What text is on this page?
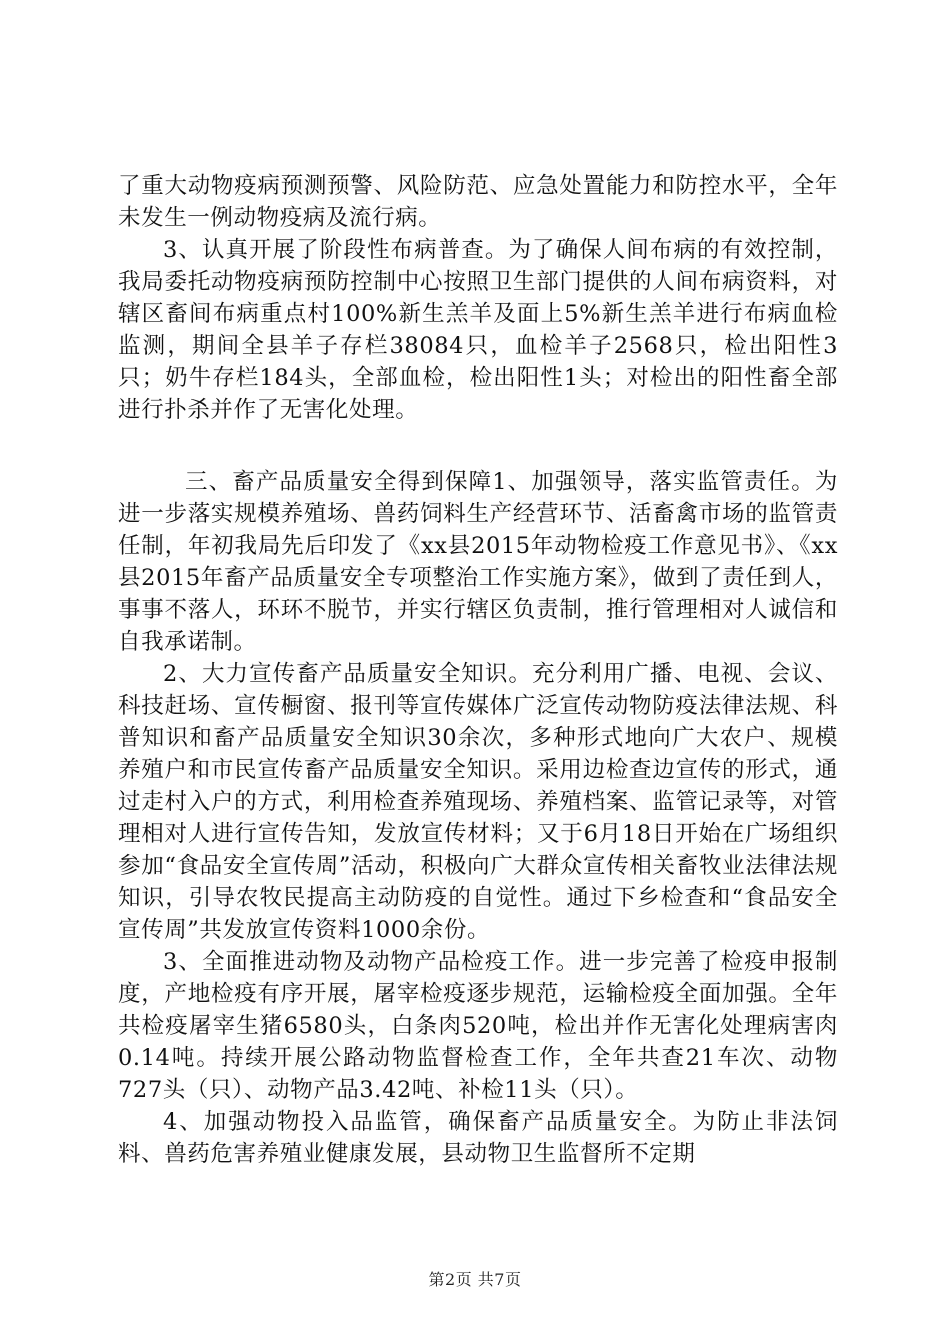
了重大动物疫病预测预警、风险防范、应急处置能力和防控水平，全年未发生一例动物疫病及流行病。

3、认真开展了阶段性布病普查。为了确保人间布病的有效控制，我局委托动物疫病预防控制中心按照卫生部门提供的人间布病资料，对辖区畜间布病重点村100%新生羔羊及面上5%新生羔羊进行布病血检监测，期间全县羊子存栏38084只，血检羊子2568只，检出阳性3只；奶牛存栏184头，全部血检，检出阳性1头；对检出的阳性畜全部进行扑杀并作了无害化处理。

三、畜产品质量安全得到保障1、加强领导，落实监管责任。为进一步落实规模养殖场、兽药饲料生产经营环节、活畜禽市场的监管责任制，年初我局先后印发了《xx县2015年动物检疫工作意见书》、《xx县2015年畜产品质量安全专项整治工作实施方案》，做到了责任到人，事事不落人，环环不脱节，并实行辖区负责制，推行管理相对人诚信和自我承诺制。

2、大力宣传畜产品质量安全知识。充分利用广播、电视、会议、科技赶场、宣传橱窗、报刊等宣传媒体广泛宣传动物防疫法律法规、科普知识和畜产品质量安全知识30余次，多种形式地向广大农户、规模养殖户和市民宣传畜产品质量安全知识。采用边检查边宣传的形式，通过走村入户的方式，利用检查养殖现场、养殖档案、监管记录等，对管理相对人进行宣传告知，发放宣传材料；又于6月18日开始在广场组织参加“食品安全宣传周”活动，积极向广大群众宣传相关畜牧业法律法规知识，引导农牧民提高主动防疫的自觉性。通过下乡检查和“食品安全宣传周”共发放宣传资料1000余份。

3、全面推进动物及动物产品检疫工作。进一步完善了检疫申报制度，产地检疫有序开展，屠宰检疫逐步规范，运输检疫全面加强。全年共检疫屠宰生猪6580头，白条肉520吨，检出并作无害化处理病害肉0.14吨。持续开展公路动物监督检查工作，全年共查21车次、动物727头（只）、动物产品3.42吨、补检11头（只）。

4、加强动物投入品监管，确保畜产品质量安全。为防止非法饲料、兽药危害养殖业健康发展，县动物卫生监督所不定期

第2页 共7页
